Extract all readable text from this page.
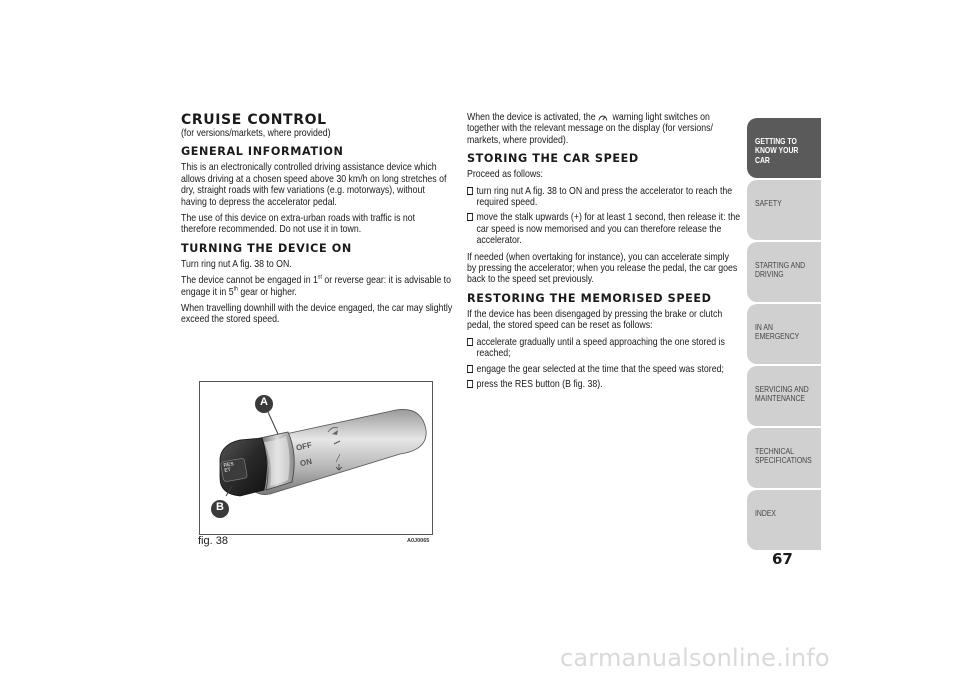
CRUISE CONTROL

(for versions/markets, where provided)

GENERAL INFORMATION

This is an electronically controlled driving assistance device which allows driving at a chosen speed above 30 km/h on long stretches of dry, straight roads with few variations (e.g. motorways), without having to depress the accelerator pedal.

The use of this device on extra-urban roads with traffic is not therefore recommended. Do not use it in town.

TURNING THE DEVICE ON

Turn ring nut A fig. 38 to ON.

The device cannot be engaged in 1st or reverse gear: it is advisable to engage it in 5th gear or higher.

When travelling downhill with the device engaged, the car may slightly exceed the stored speed.

A
B
OFF
ON
RES
ET
fig. 38	A0J0065

When the device is activated, the
warning light switches on together with the relevant message on the display (for versions/ markets, where provided).

STORING THE CAR SPEED

Proceed as follows:

turn ring nut A fig. 38 to ON and press the accelerator to reach the required speed.
move the stalk upwards (+) for at least 1 second, then release it: the car speed is now memorised and you can therefore release the accelerator.

If needed (when overtaking for instance), you can accelerate simply by pressing the accelerator; when you release the pedal, the car goes back to the speed set previously.

RESTORING THE MEMORISED SPEED

If the device has been disengaged by pressing the brake or clutch pedal, the stored speed can be reset as follows:

accelerate gradually until a speed approaching the one stored is reached;
engage the gear selected at the time that the speed was stored;
press the RES button (B fig. 38).
GETTING TO KNOW YOUR CAR
SAFETY
STARTING AND DRIVING
IN AN EMERGENCY
SERVICING AND MAINTENANCE
TECHNICAL SPECIFICATIONS
INDEX
67
carmanualsonline.info
